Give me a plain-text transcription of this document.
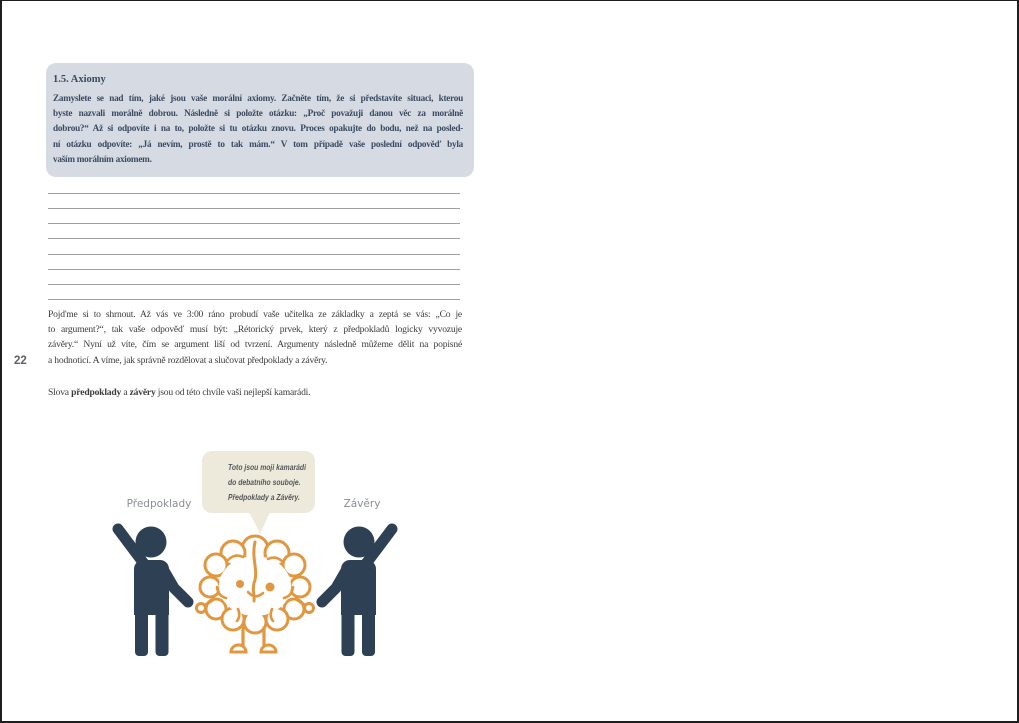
1.5. Axiomy
Zamyslete se nad tím, jaké jsou vaše morální axiomy. Začněte tím, že si představíte situaci, kterou
byste nazvali morálně dobrou. Následně si položte otázku: „Proč považuji danou věc za morálně
dobrou?“ Až si odpovíte i na to, položte si tu otázku znovu. Proces opakujte do bodu, než na posled-
ní otázku odpovíte: „Já nevím, prostě to tak mám.“ V tom případě vaše poslední odpověď byla
vaším morálním axiomem.
Pojďme si to shrnout. Až vás ve 3:00 ráno probudí vaše učitelka ze základky a zeptá se vás: „Co je
to argument?“, tak vaše odpověď musí být: „Rétorický prvek, který z předpokladů logicky vyvozuje
závěry.“ Nyní už víte, čím se argument liší od tvrzení. Argumenty následně můžeme dělit na popisné
a hodnoticí. A víme, jak správně rozdělovat a slučovat předpoklady a závěry.
Slova předpoklady a závěry jsou od této chvíle vaši nejlepší kamarádi.
22
Toto jsou moji kamarádi
do debatního souboje.
Předpoklady a Závěry.
Předpoklady	Závěry
